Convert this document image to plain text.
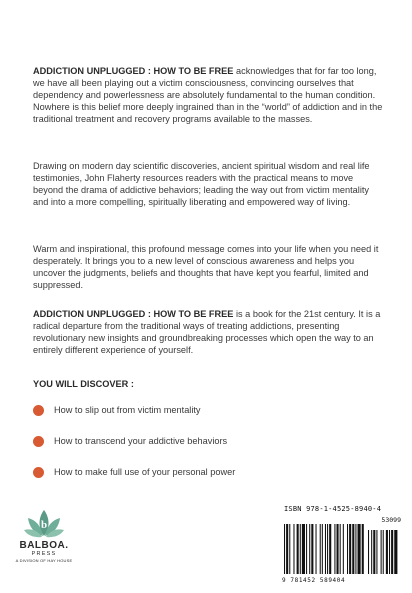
ADDICTION UNPLUGGED : HOW TO BE FREE acknowledges that for far too long, we have all been playing out a victim consciousness, convincing ourselves that dependency and powerlessness are absolutely fundamental to the human condition. Nowhere is this belief more deeply ingrained than in the “world” of addiction and in the traditional treatment and recovery programs available to the masses.

Drawing on modern day scientific discoveries, ancient spiritual wisdom and real life testimonies, John Flaherty resources readers with the practical means to move beyond the drama of addictive behaviors; leading the way out from victim mentality and into a more compelling, spiritually liberating and empowered way of living.

Warm and inspirational, this profound message comes into your life when you need it desperately. It brings you to a new level of conscious awareness and helps you uncover the judgments, beliefs and thoughts that have kept you fearful, limited and suppressed.

ADDICTION UNPLUGGED : HOW TO BE FREE is a book for the 21st century. It is a radical departure from the traditional ways of treating addictions, presenting revolutionary new insights and groundbreaking processes which open the way to an entirely different experience of yourself.

YOU WILL DISCOVER :

How to slip out from victim mentality
How to transcend your addictive behaviors
How to make full use of your personal power
b
BALBOA.
PRESS
A DIVISION OF HAY HOUSE
ISBN 978-1-4525-8940-4
53099
9 781452 589404
